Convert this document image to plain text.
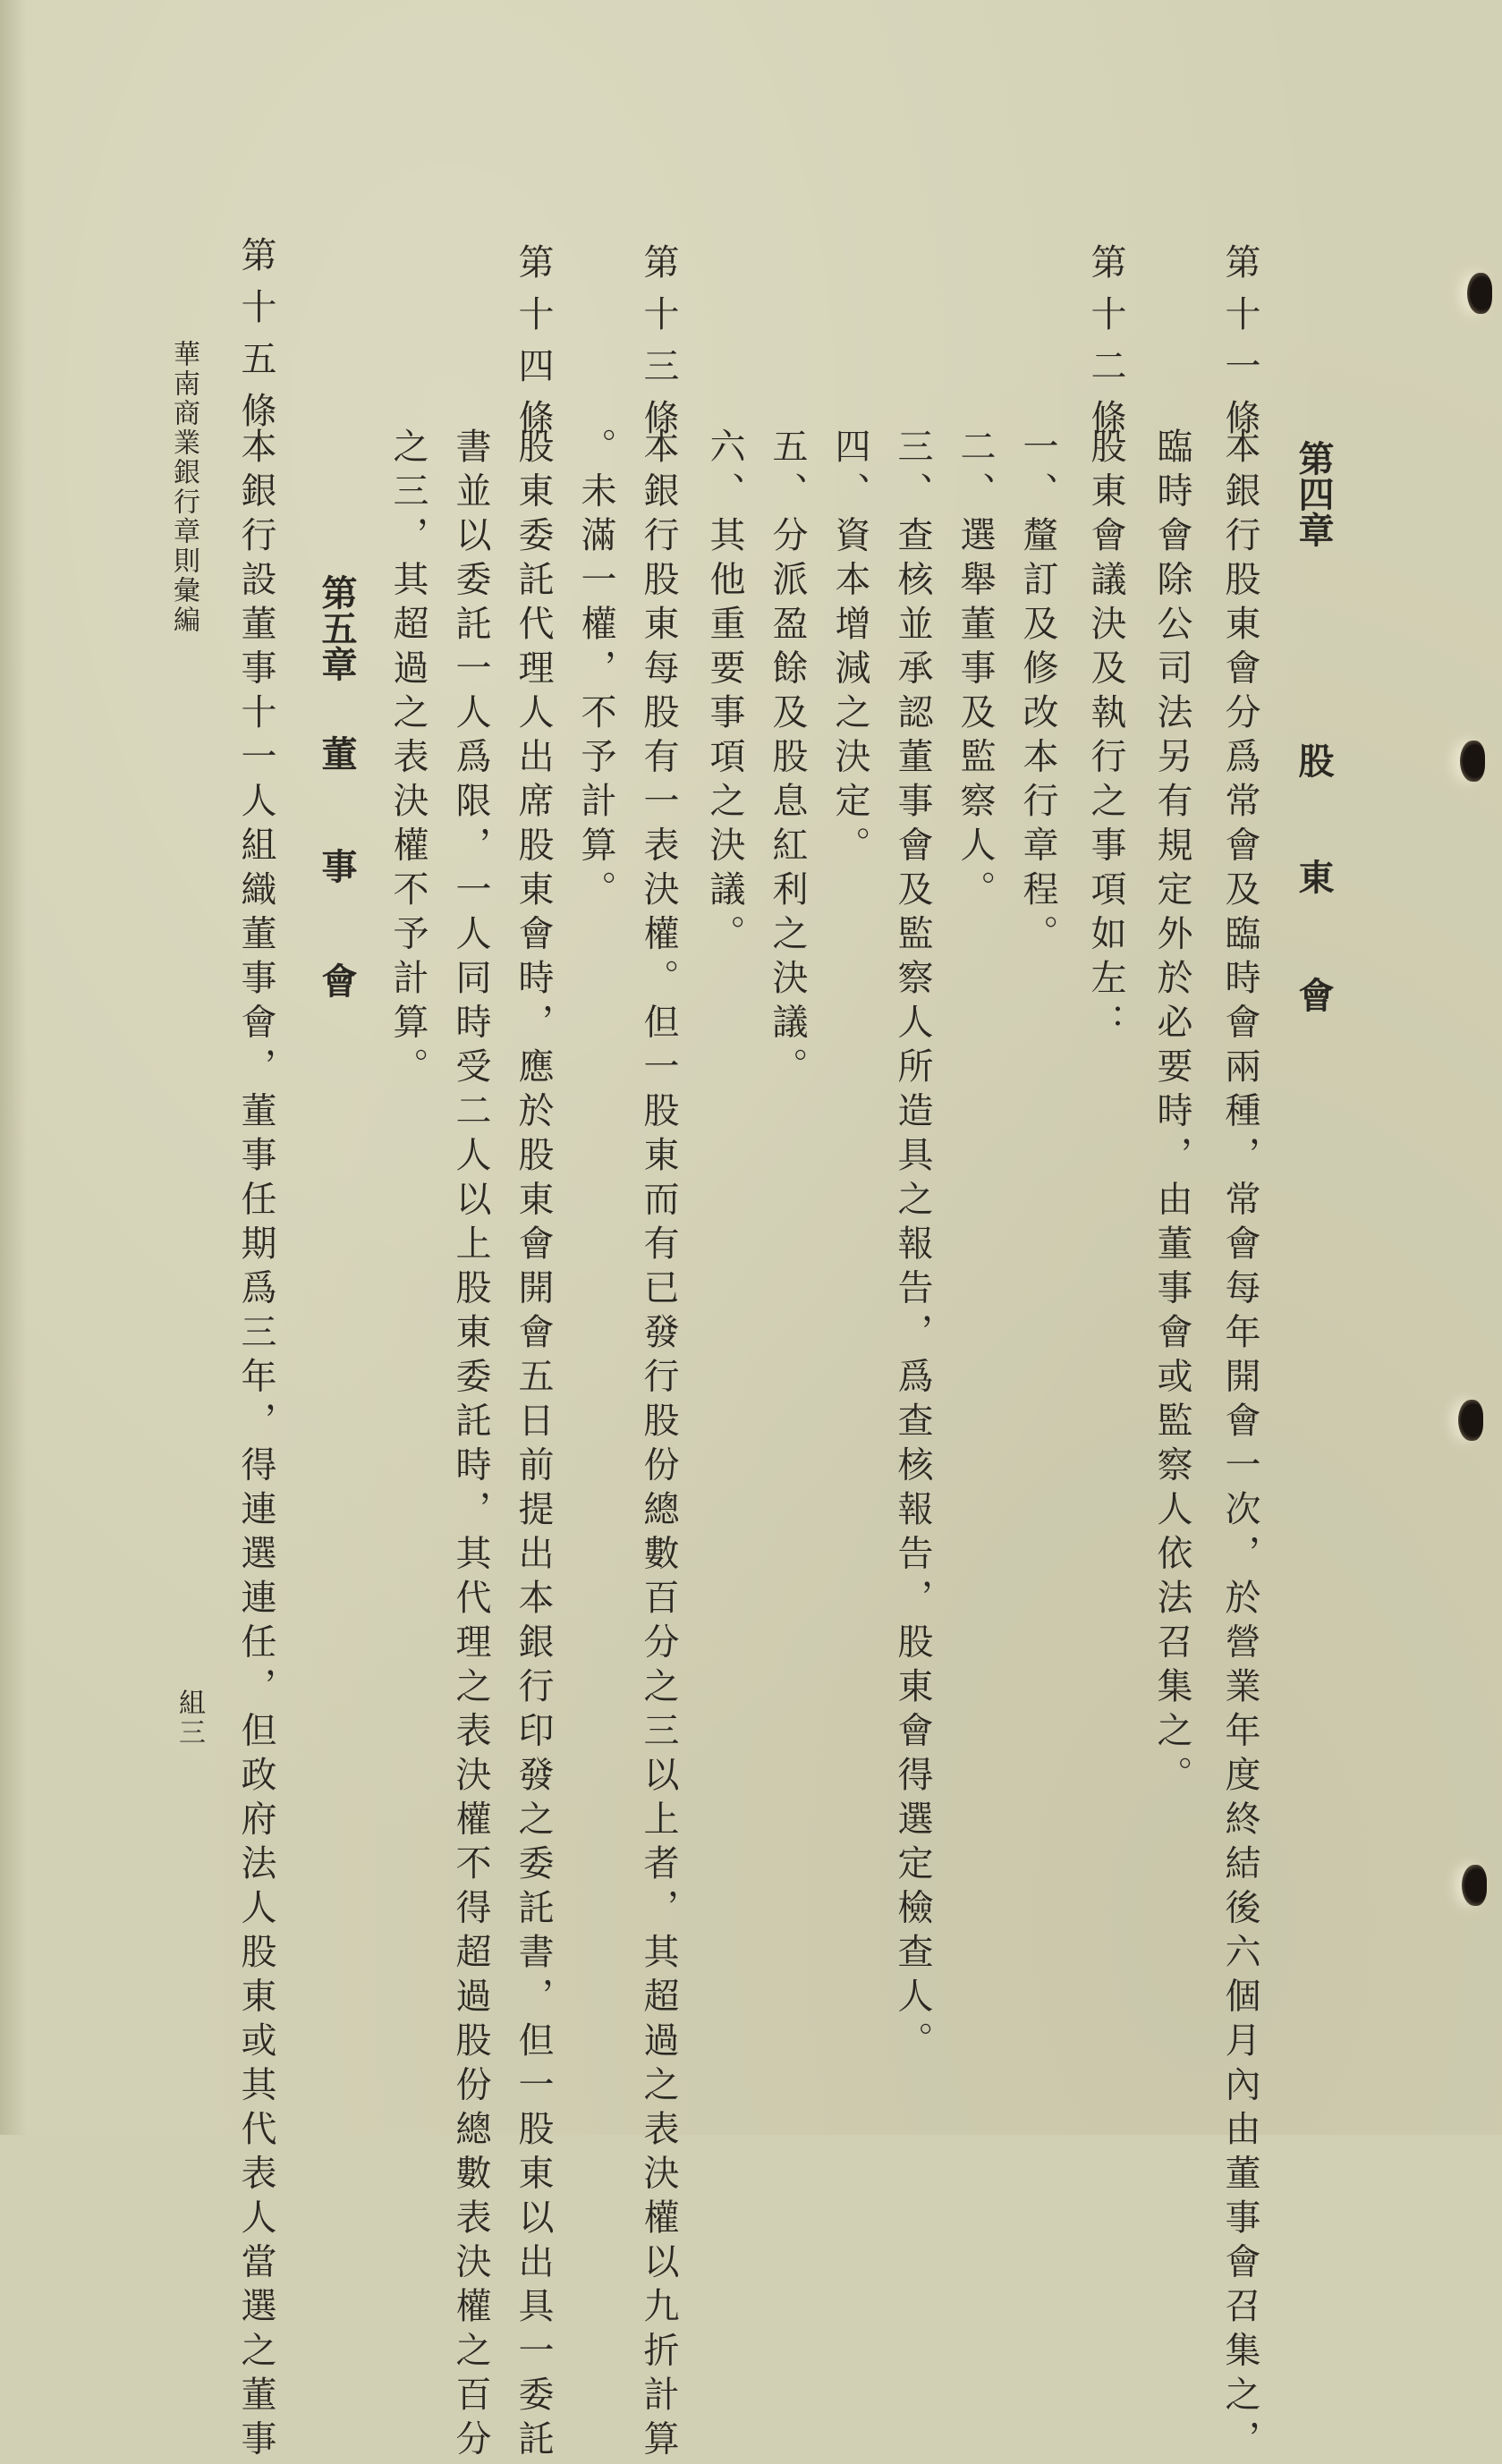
第四章
股
東
會
第十一條
本銀行股東會分爲常會及臨時會兩種，常會每年開會一次，於營業年度終結後六個月內由董事會召集之，
臨時會除公司法另有規定外於必要時，由董事會或監察人依法召集之。
第十二條
股東會議決及執行之事項如左：
一、釐訂及修改本行章程。
二、選舉董事及監察人。
三、查核並承認董事會及監察人所造具之報告，爲查核報告，股東會得選定檢查人。
四、資本增減之決定。
五、分派盈餘及股息紅利之決議。
六、其他重要事項之決議。
第十三條
本銀行股東每股有一表決權。但一股東而有已發行股份總數百分之三以上者，其超過之表決權以九折計算
。未滿一權，不予計算。
第十四條
股東委託代理人出席股東會時，應於股東會開會五日前提出本銀行印發之委託書，但一股東以出具一委託
書並以委託一人爲限，一人同時受二人以上股東委託時，其代理之表決權不得超過股份總數表決權之百分
之三，其超過之表決權不予計算。
第五章
董
事
會
第十五條
本銀行設董事十一人組織董事會，董事任期爲三年，得連選連任，但政府法人股東或其代表人當選之董事
華南商業銀行章則彙編
組三
